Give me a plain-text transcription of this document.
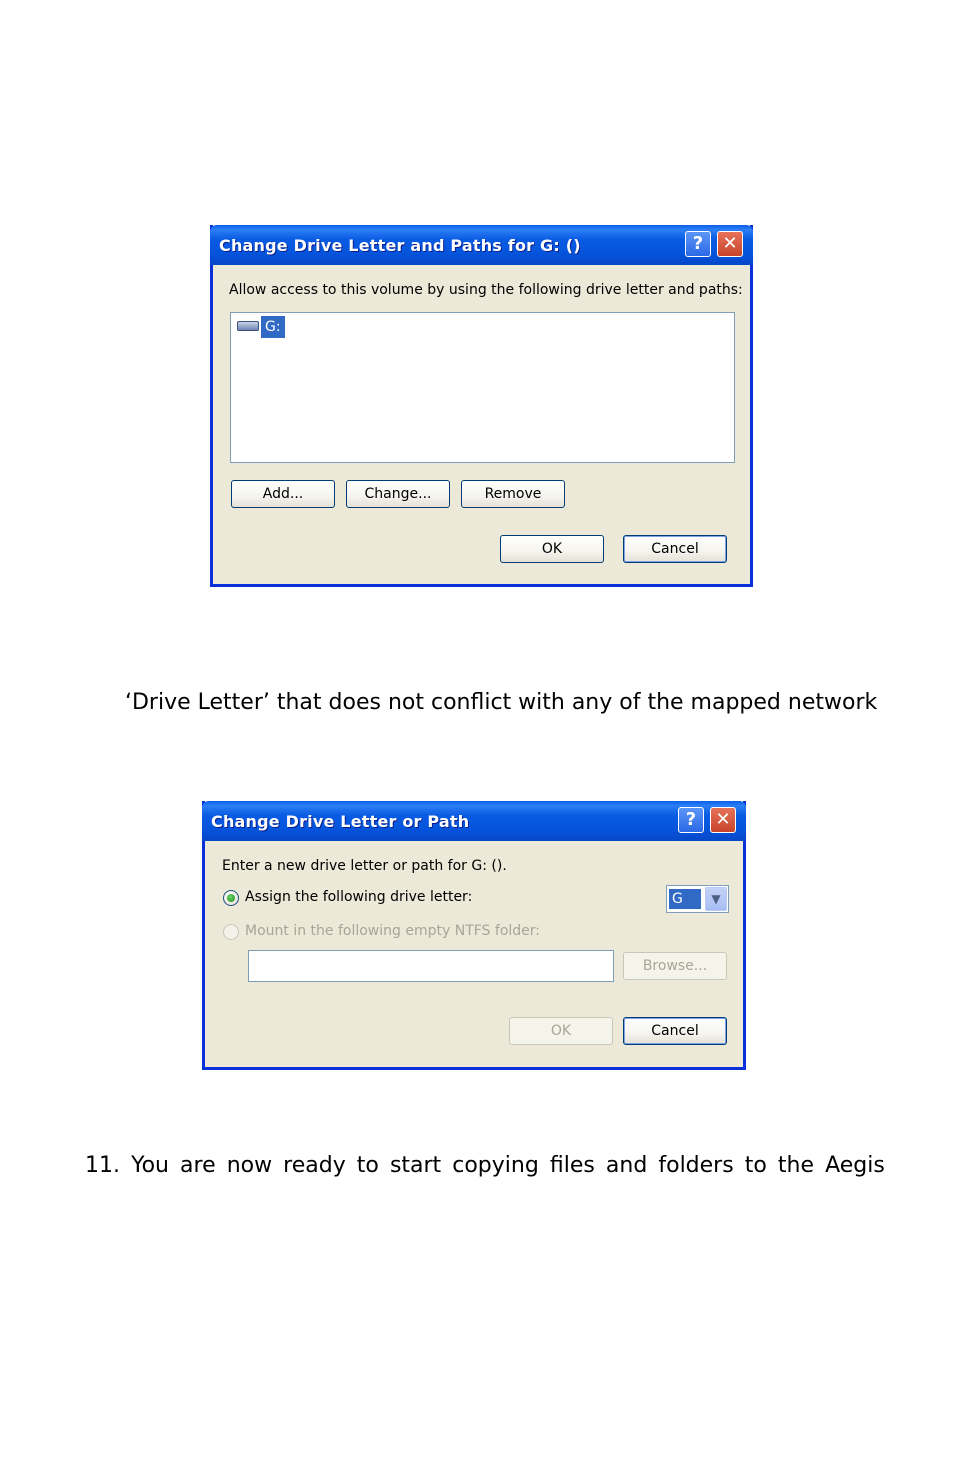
Change Drive Letter and Paths for G: ()	?	✕
Allow access to this volume by using the following drive letter and paths:
G:
Add...	Change...	Remove
OK	Cancel
‘Drive Letter’ that does not conflict with any of the mapped network
Change Drive Letter or Path	?	✕
Enter a new drive letter or path for G: ().
Assign the following drive letter:	G	▼
Mount in the following empty NTFS folder:
Browse...
OK	Cancel
11. You are now ready to start copying files and folders to the Aegis
